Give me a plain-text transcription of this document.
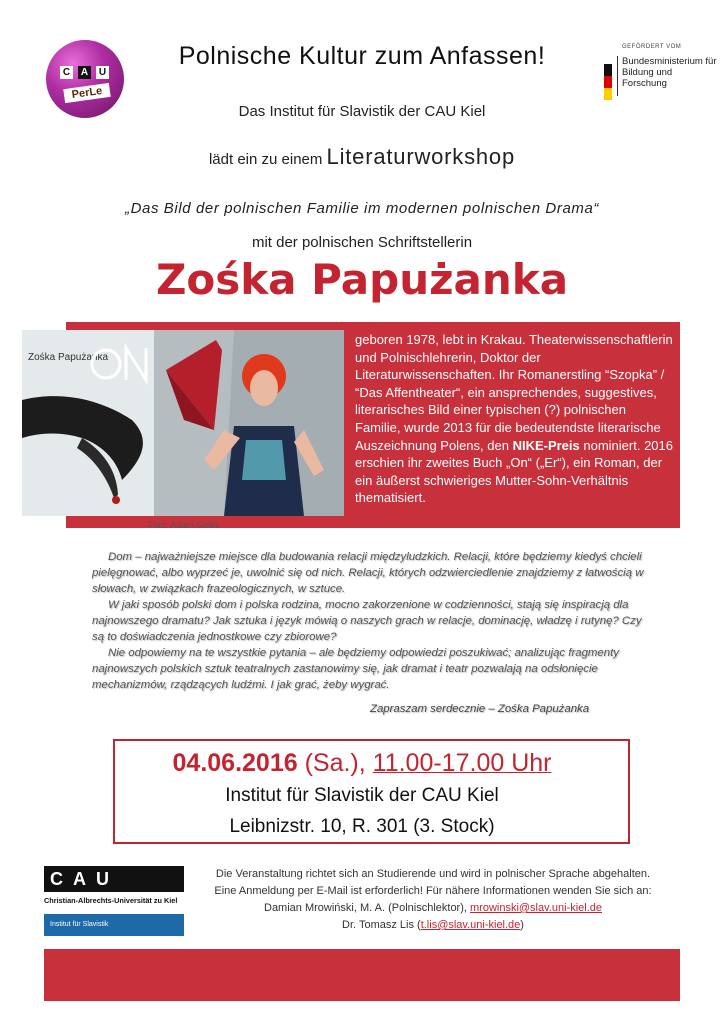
C A U
PerLe
GEFÖRDERT VOM
Bundesministerium für Bildung und Forschung
Polnische Kultur zum Anfassen!
Das Institut für Slavistik der CAU Kiel
lädt ein zu einem Literaturworkshop
„Das Bild der polnischen Familie im modernen polnischen Drama“
mit der polnischen Schriftstellerin
Zośka Papużanka
Zośka Papużanka
Foto: Adam Golec
geboren 1978, lebt in Krakau. Theaterwissenschaftlerin und Polnischlehrerin, Doktor der Literaturwissenschaften. Ihr Romanerstling “Szopka” / “Das Affentheater“, ein ansprechendes, suggestives, literarisches Bild einer typischen (?) polnischen Familie, wurde 2013 für die bedeutendste literarische Auszeichnung Polens, den NIKE-Preis nominiert. 2016 erschien ihr zweites Buch „On“ („Er“), ein Roman, der ein äußerst schwieriges Mutter-Sohn-Verhältnis thematisiert.

Dom – najważniejsze miejsce dla budowania relacji międzyludzkich. Relacji, które będziemy kiedyś chcieli pielęgnować, albo wyprzeć je, uwolnić się od nich. Relacji, których odzwierciedlenie znajdziemy z łatwością w słowach, w związkach frazeologicznych, w sztuce.

W jaki sposób polski dom i polska rodzina, mocno zakorzenione w codzienności, stają się inspiracją dla najnowszego dramatu? Jak sztuka i język mówią o naszych grach w relacje, dominację, władzę i rutynę? Czy są to doświadczenia jednostkowe czy zbiorowe?

Nie odpowiemy na te wszystkie pytania – ale będziemy odpowiedzi poszukiwać; analizując fragmenty najnowszych polskich sztuk teatralnych zastanowimy się, jak dramat i teatr pozwalają na odsłonięcie mechanizmów, rządzących ludźmi. I jak grać, żeby wygrać.

Zapraszam serdecznie – Zośka Papużanka
04.06.2016 (Sa.), 11.00-17.00 Uhr
Institut für Slavistik der CAU Kiel
Leibnizstr. 10, R. 301 (3. Stock)
CAU
Christian-Albrechts-Universität zu Kiel
Institut für Slavistik
Die Veranstaltung richtet sich an Studierende und wird in polnischer Sprache abgehalten.
Eine Anmeldung per E-Mail ist erforderlich! Für nähere Informationen wenden Sie sich an:
Damian Mrowiński, M. A. (Polnischlektor), mrowinski@slav.uni-kiel.de
Dr. Tomasz Lis (t.lis@slav.uni-kiel.de)
